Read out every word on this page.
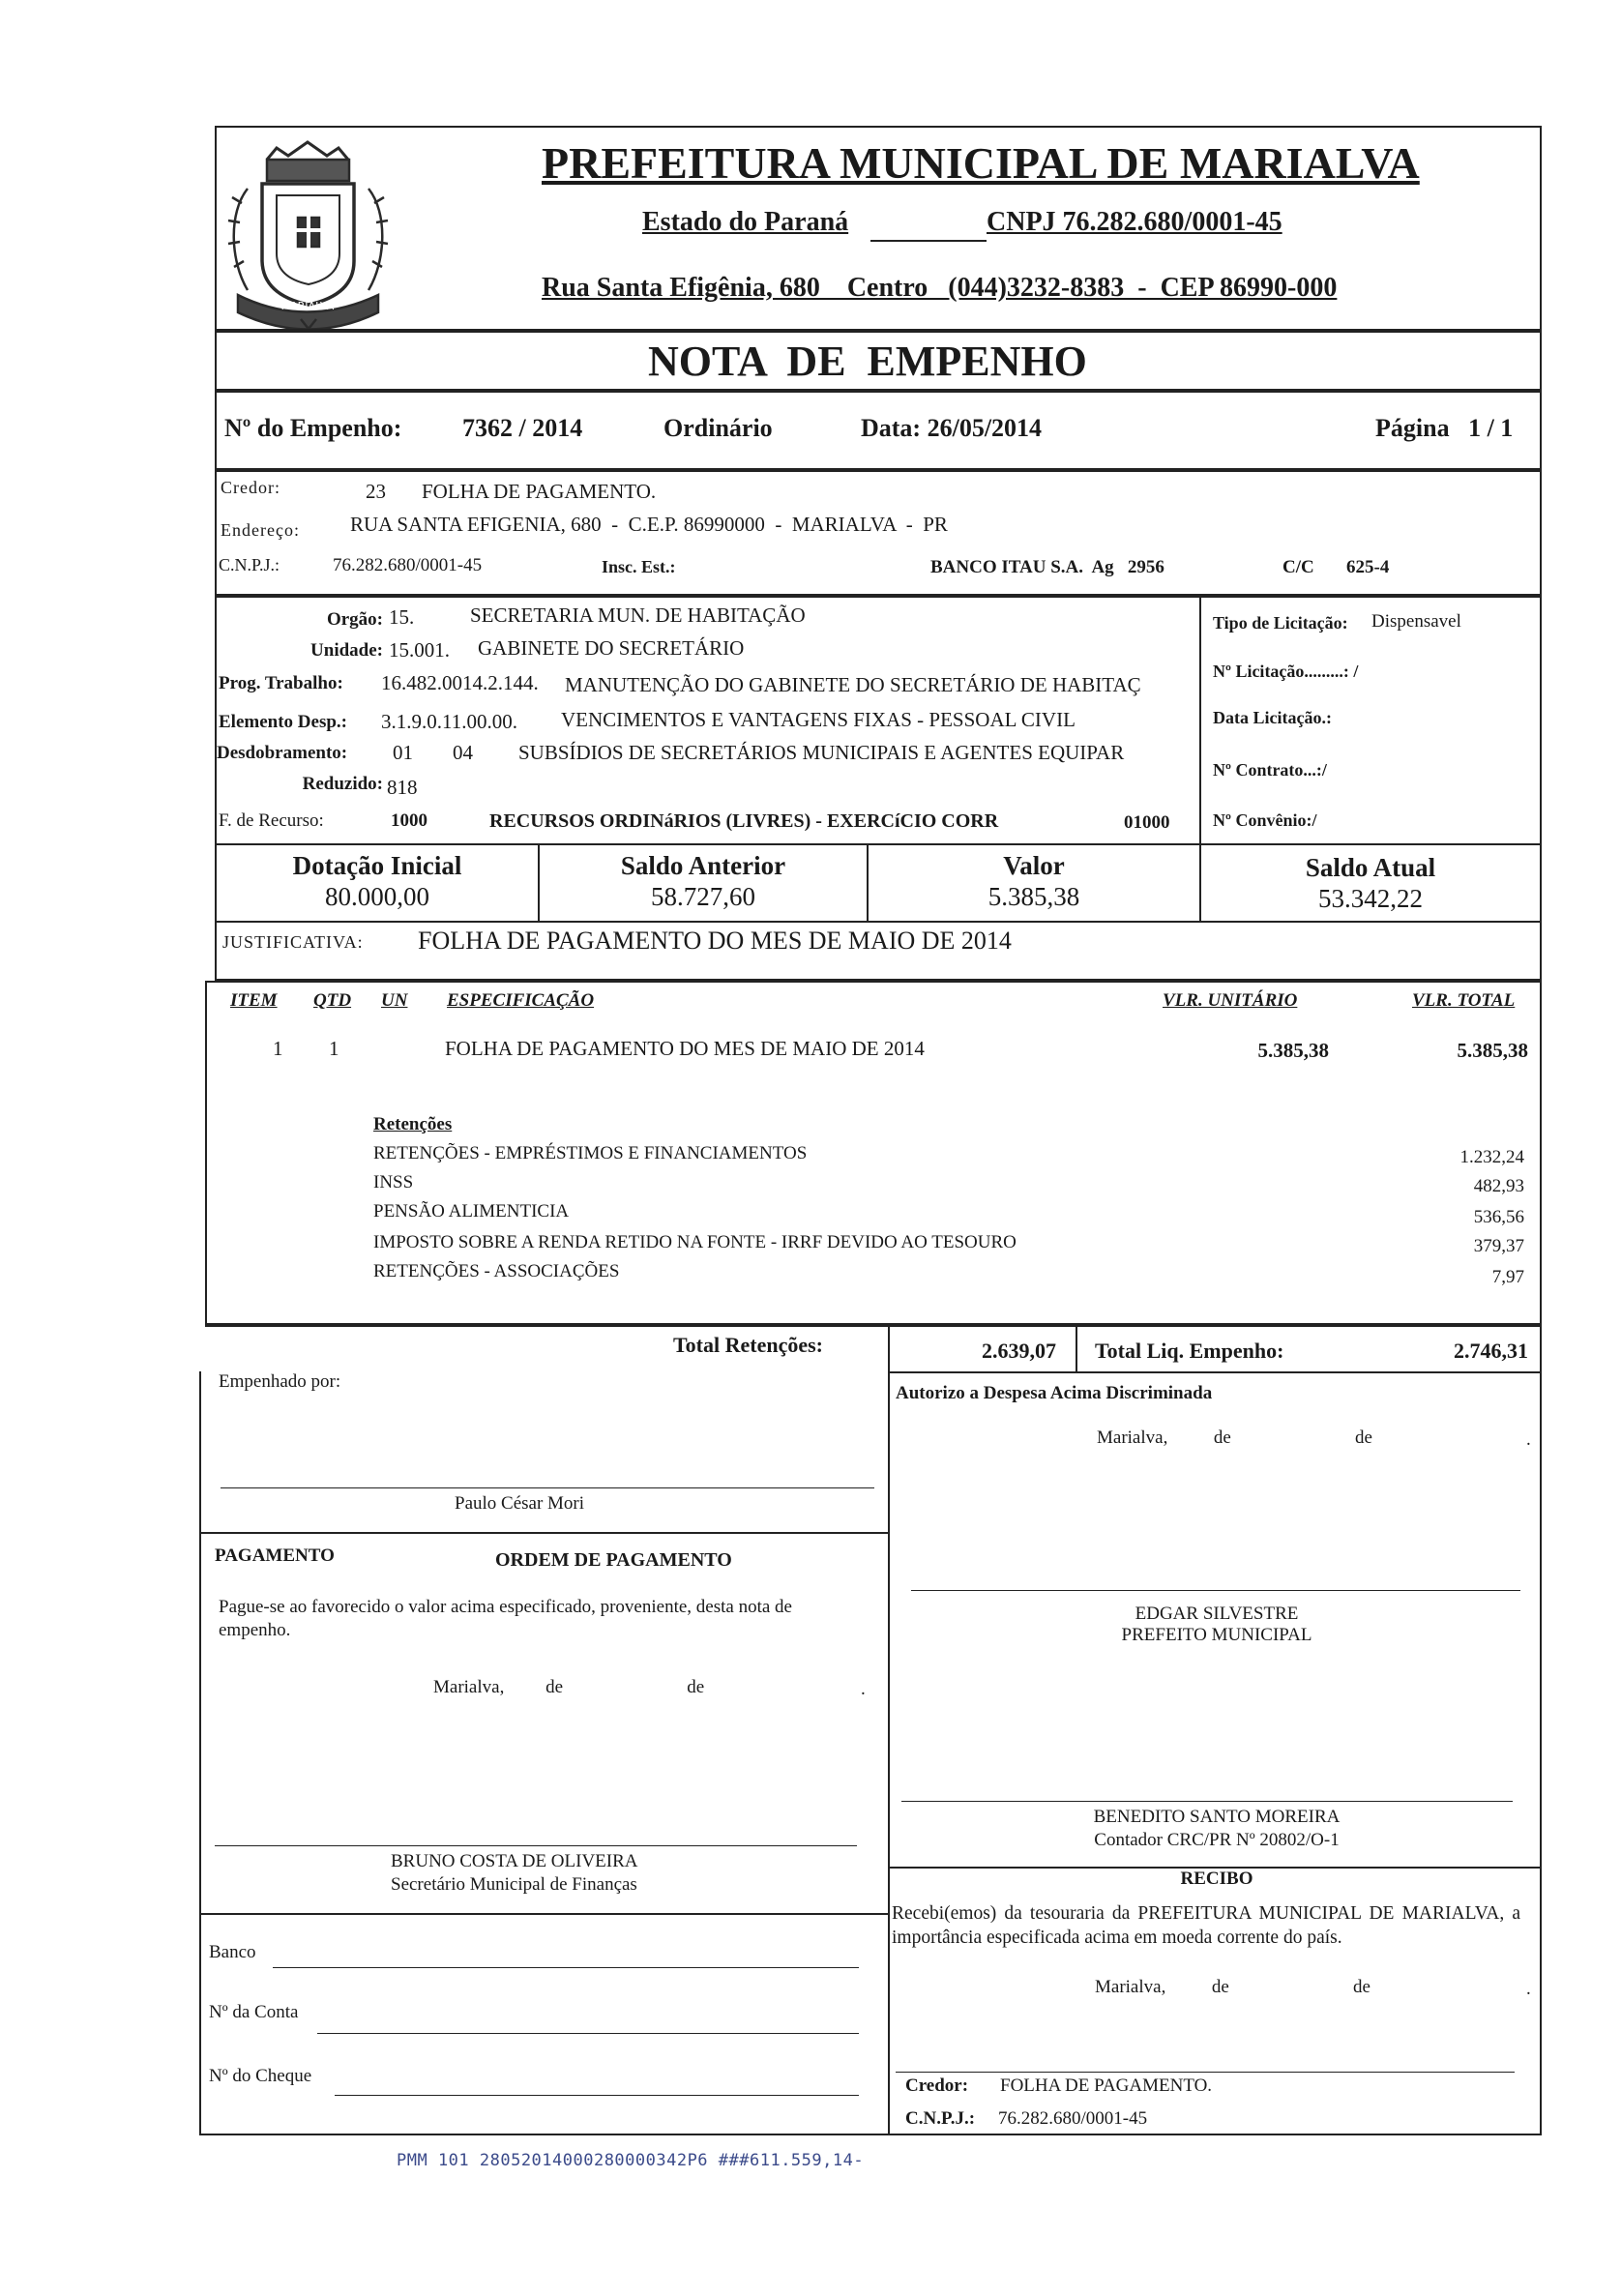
MARIALVA
PREFEITURA MUNICIPAL DE MARIALVA
Estado do Paraná	CNPJ 76.282.680/0001-45
Rua Santa Efigênia, 680    Centro   (044)3232-8383  -  CEP 86990-000
NOTA  DE  EMPENHO
Nº do Empenho: 7362 / 2014	Ordinário	Data: 26/05/2014	Página   1 / 1
Credor:	23 FOLHA DE PAGAMENTO.
Endereço: RUA SANTA EFIGENIA, 680  -  C.E.P. 86990000  -  MARIALVA  -  PR
C.N.P.J.:	76.282.680/0001-45	Insc. Est.:	BANCO ITAU S.A.  Ag   2956	C/C 625-4
Orgão: 15.	SECRETARIA MUN. DE HABITAÇÃO
Unidade: 15.001. GABINETE DO SECRETÁRIO
Prog. Trabalho: 16.482.0014.2.144. MANUTENÇÃO DO GABINETE DO SECRETÁRIO DE HABITAÇ
Elemento Desp.: 3.1.9.0.11.00.00. VENCIMENTOS E VANTAGENS FIXAS - PESSOAL CIVIL
Desdobramento: 01 04 SUBSÍDIOS DE SECRETÁRIOS MUNICIPAIS E AGENTES EQUIPAR
Reduzido: 818
F. de Recurso:	1000	RECURSOS ORDINáRIOS (LIVRES) - EXERCíCIO CORR	01000
Tipo de Licitação: Dispensavel
Nº Licitação.........: /
Data Licitação.:
Nº Contrato...:/
Nº Convênio:/
Dotação Inicial
80.000,00
Saldo Anterior
58.727,60
Valor
5.385,38
Saldo Atual
53.342,22
JUSTIFICATIVA: FOLHA DE PAGAMENTO DO MES DE MAIO DE 2014
ITEM QTD UN ESPECIFICAÇÃO	VLR. UNITÁRIO	VLR. TOTAL
1 1	FOLHA DE PAGAMENTO DO MES DE MAIO DE 2014	5.385,38	5.385,38
Retenções
RETENÇÕES - EMPRÉSTIMOS E FINANCIAMENTOS	1.232,24
INSS	482,93
PENSÃO ALIMENTICIA	536,56
IMPOSTO SOBRE A RENDA RETIDO NA FONTE - IRRF DEVIDO AO TESOURO	379,37
RETENÇÕES - ASSOCIAÇÕES	7,97
Total Retenções:	2.639,07 Total Liq. Empenho:	2.746,31
Empenhado por:
Paulo César Mori
PAGAMENTO	ORDEM DE PAGAMENTO
Pague-se ao favorecido o valor acima especificado, proveniente, desta nota de empenho.
Marialva,         de                           de	.
BRUNO COSTA DE OLIVEIRA
Secretário Municipal de Finanças
Banco
Nº da Conta
Nº do Cheque
Autorizo a Despesa Acima Discriminada
Marialva,          de                           de	.
EDGAR SILVESTRE
PREFEITO MUNICIPAL
BENEDITO SANTO MOREIRA
Contador CRC/PR Nº 20802/O-1
RECIBO
Recebi(emos) da tesouraria da PREFEITURA MUNICIPAL DE MARIALVA, a importância especificada acima em moeda corrente do país.
Marialva,          de                           de	.
Credor: FOLHA DE PAGAMENTO.
C.N.P.J.: 76.282.680/0001-45
PMM 101 28052014000280000342P6 ###611.559,14-
